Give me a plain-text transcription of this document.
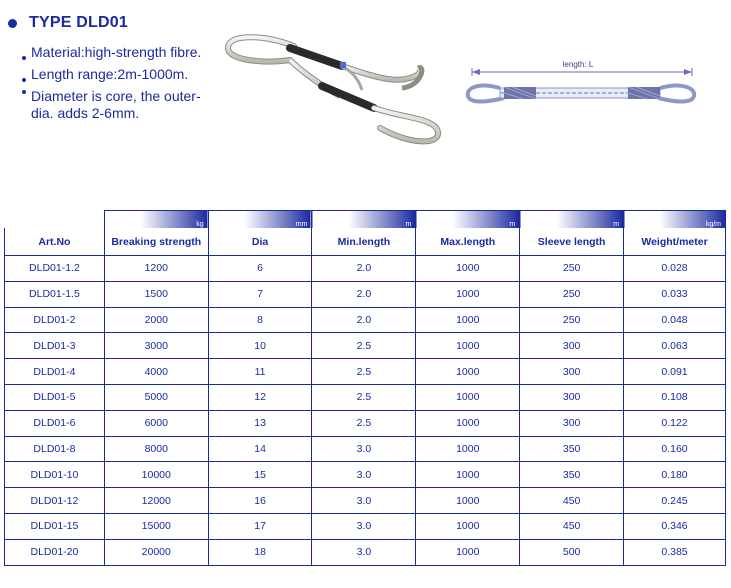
TYPE DLD01
Material:high-strength fibre.
Length range:2m-1000m.
Diameter is core, the outer-dia. adds 2-6mm.
length: L
	kg	mm	m	m	m	kg/m
Art.No	Breaking strength	Dia	Min.length	Max.length	Sleeve length	Weight/meter
DLD01-1.2	1200	6	2.0	1000	250	0.028
DLD01-1.5	1500	7	2.0	1000	250	0.033
DLD01-2	2000	8	2.0	1000	250	0.048
DLD01-3	3000	10	2.5	1000	300	0.063
DLD01-4	4000	11	2.5	1000	300	0.091
DLD01-5	5000	12	2.5	1000	300	0.108
DLD01-6	6000	13	2.5	1000	300	0.122
DLD01-8	8000	14	3.0	1000	350	0.160
DLD01-10	10000	15	3.0	1000	350	0.180
DLD01-12	12000	16	3.0	1000	450	0.245
DLD01-15	15000	17	3.0	1000	450	0.346
DLD01-20	20000	18	3.0	1000	500	0.385
